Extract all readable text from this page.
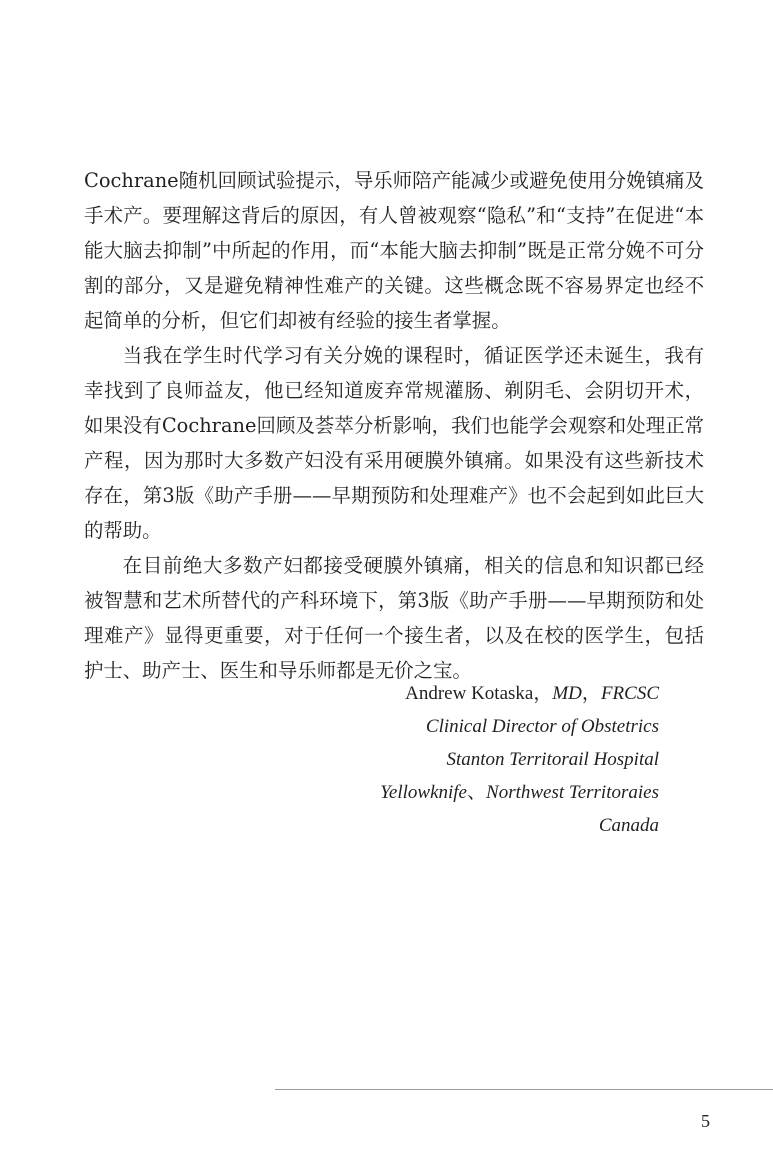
Cochrane随机回顾试验提示，导乐师陪产能减少或避免使用分娩镇痛及手术产。要理解这背后的原因，有人曾被观察“隐私”和“支持”在促进“本能大脑去抑制”中所起的作用，而“本能大脑去抑制”既是正常分娩不可分割的部分，又是避免精神性难产的关键。这些概念既不容易界定也经不起简单的分析，但它们却被有经验的接生者掌握。

当我在学生时代学习有关分娩的课程时，循证医学还未诞生，我有幸找到了良师益友，他已经知道废弃常规灌肠、剃阴毛、会阴切开术，如果没有Cochrane回顾及荟萃分析影响，我们也能学会观察和处理正常产程，因为那时大多数产妇没有采用硬膜外镇痛。如果没有这些新技术存在，第3版《助产手册——早期预防和处理难产》也不会起到如此巨大的帮助。

在目前绝大多数产妇都接受硬膜外镇痛，相关的信息和知识都已经被智慧和艺术所替代的产科环境下，第3版《助产手册——早期预防和处理难产》显得更重要，对于任何一个接生者，以及在校的医学生，包括护士、助产士、医生和导乐师都是无价之宝。

Andrew Kotaska，MD，FRCSC
Clinical Director of Obstetrics
Stanton Territorail Hospital
Yellowknife、Northwest Territoraies
Canada
5
